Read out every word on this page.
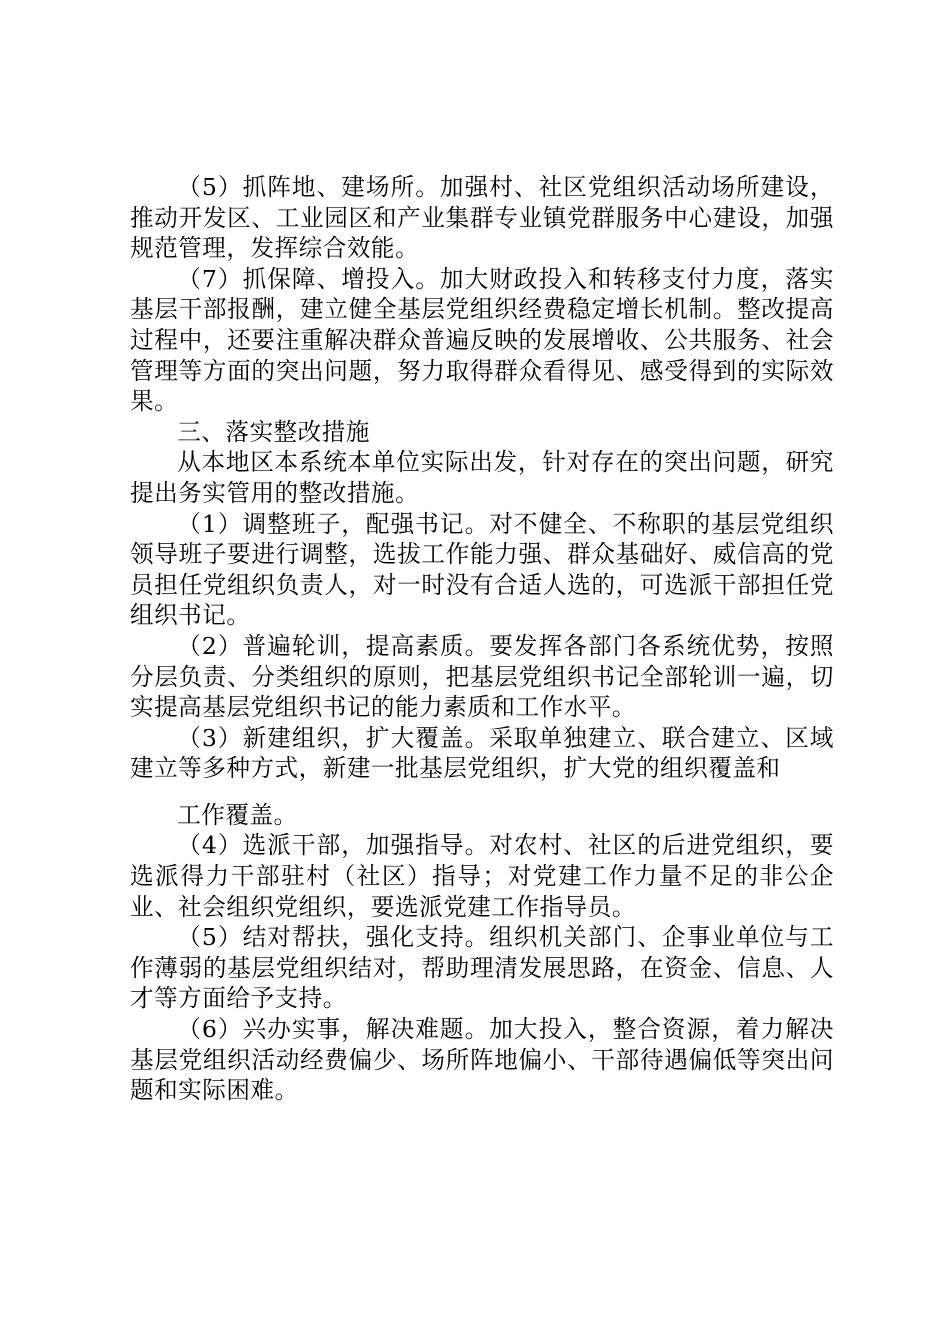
（5）抓阵地、建场所。加强村、社区党组织活动场所建设，推动开发区、工业园区和产业集群专业镇党群服务中心建设，加强规范管理，发挥综合效能。

（7）抓保障、增投入。加大财政投入和转移支付力度，落实基层干部报酬，建立健全基层党组织经费稳定增长机制。整改提高过程中，还要注重解决群众普遍反映的发展增收、公共服务、社会管理等方面的突出问题，努力取得群众看得见、感受得到的实际效果。

三、落实整改措施

从本地区本系统本单位实际出发，针对存在的突出问题，研究提出务实管用的整改措施。

（1）调整班子，配强书记。对不健全、不称职的基层党组织领导班子要进行调整，选拔工作能力强、群众基础好、威信高的党员担任党组织负责人，对一时没有合适人选的，可选派干部担任党组织书记。

（2）普遍轮训，提高素质。要发挥各部门各系统优势，按照分层负责、分类组织的原则，把基层党组织书记全部轮训一遍，切实提高基层党组织书记的能力素质和工作水平。

（3）新建组织，扩大覆盖。采取单独建立、联合建立、区域建立等多种方式，新建一批基层党组织，扩大党的组织覆盖和

工作覆盖。

（4）选派干部，加强指导。对农村、社区的后进党组织，要选派得力干部驻村（社区）指导；对党建工作力量不足的非公企业、社会组织党组织，要选派党建工作指导员。

（5）结对帮扶，强化支持。组织机关部门、企事业单位与工作薄弱的基层党组织结对，帮助理清发展思路，在资金、信息、人才等方面给予支持。

（6）兴办实事，解决难题。加大投入，整合资源，着力解决基层党组织活动经费偏少、场所阵地偏小、干部待遇偏低等突出问题和实际困难。
